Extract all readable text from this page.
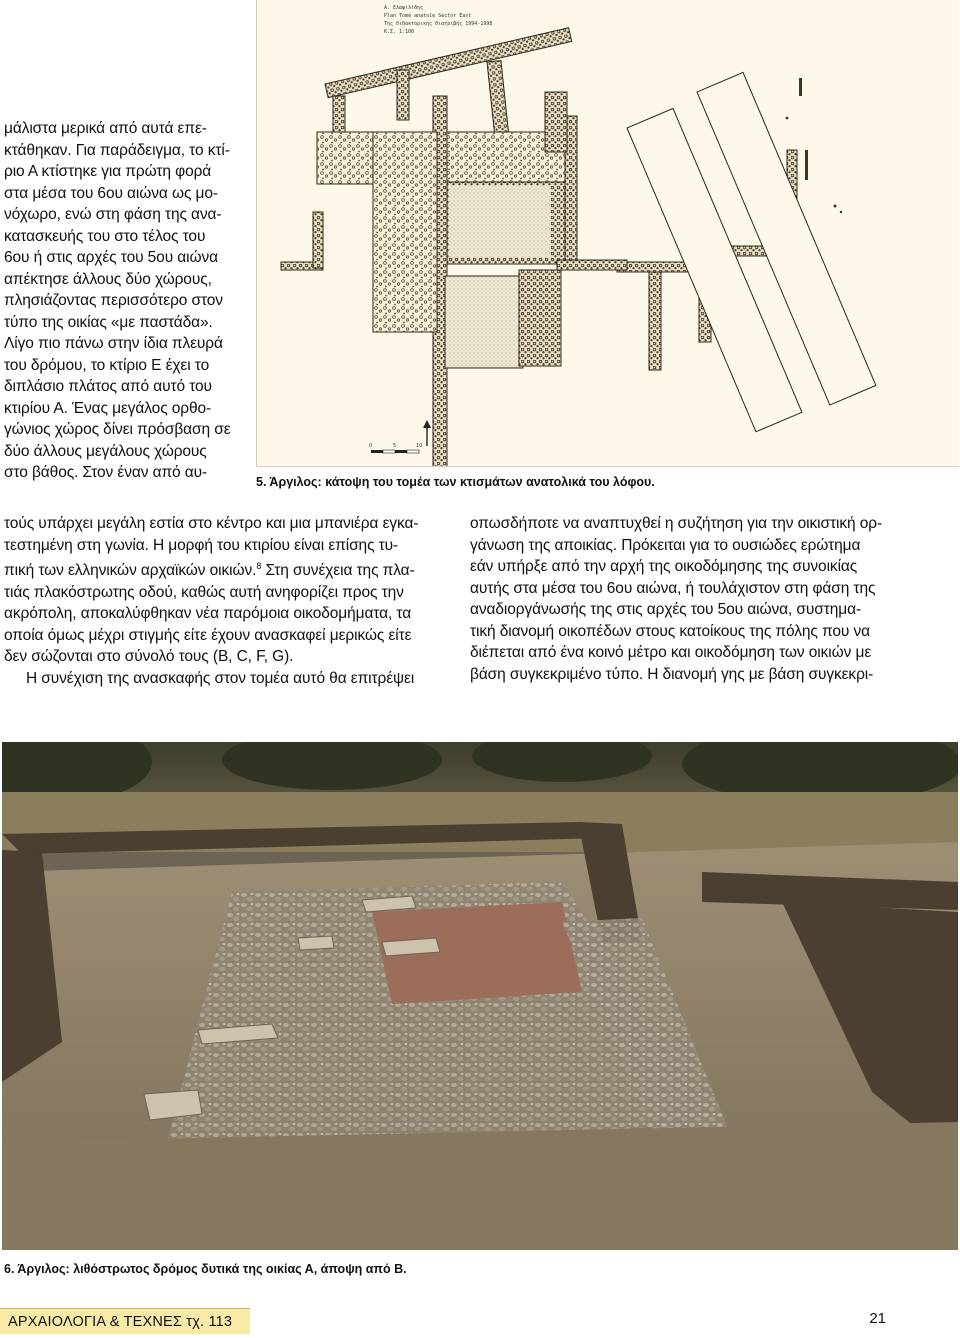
Α. Ελαφιλίδης
Plan Tomé anatole Sector East
Της διδακτορικής διατριβής 1994-1998
Κ.Σ. 1:100
0	5	10
5. Άργιλος: κάτοψη του τομέα των κτισμάτων ανατολικά του λόφου.

μάλιστα μερικά από αυτά επε-

κτάθηκαν. Για παράδειγμα, το κτί-

ριο Α κτίστηκε για πρώτη φορά

στα μέσα του 6ου αιώνα ως μο-

νόχωρο, ενώ στη φάση της ανα-

κατασκευής του στο τέλος του

6ου ή στις αρχές του 5ου αιώνα

απέκτησε άλλους δύο χώρους,

πλησιάζοντας περισσότερο στον

τύπο της οικίας «με παστάδα».

Λίγο πιο πάνω στην ίδια πλευρά

του δρόμου, το κτίριο Ε έχει το

διπλάσιο πλάτος από αυτό του

κτιρίου Α. Ένας μεγάλος ορθο-

γώνιος χώρος δίνει πρόσβαση σε

δύο άλλους μεγάλους χώρους

στο βάθος. Στον έναν από αυ-

τούς υπάρχει μεγάλη εστία στο κέντρο και μια μπανιέρα εγκα-

τεστημένη στη γωνία. Η μορφή του κτιρίου είναι επίσης τυ-

πική των ελληνικών αρχαϊκών οικιών.$^8$ Στη συνέχεια της πλα-

τιάς πλακόστρωτης οδού, καθώς αυτή ανηφορίζει προς την

ακρόπολη, αποκαλύφθηκαν νέα παρόμοια οικοδομήματα, τα

οποία όμως μέχρι στιγμής είτε έχουν ανασκαφεί μερικώς είτε

δεν σώζονται στο σύνολό τους (Β, C, F, G).

Η συνέχιση της ανασκαφής στον τομέα αυτό θα επιτρέψει

οπωσδήποτε να αναπτυχθεί η συζήτηση για την οικιστική ορ-

γάνωση της αποικίας. Πρόκειται για το ουσιώδες ερώτημα

εάν υπήρξε από την αρχή της οικοδόμησης της συνοικίας

αυτής στα μέσα του 6ου αιώνα, ή τουλάχιστον στη φάση της

αναδιοργάνωσής της στις αρχές του 5ου αιώνα, συστημα-

τική διανομή οικοπέδων στους κατοίκους της πόλης που να

διέπεται από ένα κοινό μέτρο και οικοδόμηση των οικιών με

βάση συγκεκριμένο τύπο. Η διανομή γης με βάση συγκεκρι-

6. Άργιλος: λιθόστρωτος δρόμος δυτικά της οικίας Α, άποψη από Β.
ΑΡΧΑΙΟΛΟΓΙΑ & ΤΕΧΝΕΣ τχ. 113	21
